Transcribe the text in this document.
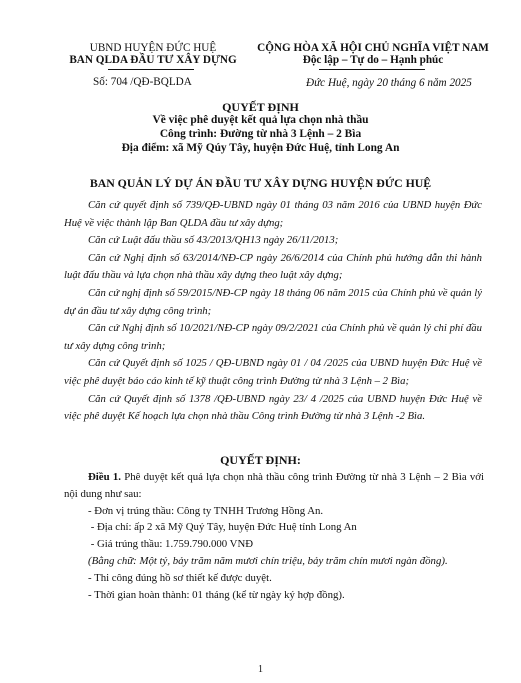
UBND HUYỆN ĐỨC HUỆ
BAN QLDA ĐẦU TƯ XÂY DỰNG
Số: 704 /QĐ-BQLDA
CỘNG HÒA XÃ HỘI CHỦ NGHĨA VIỆT NAM
Độc lập – Tự do – Hạnh phúc
Đức Huệ, ngày 20 tháng 6 năm 2025
QUYẾT ĐỊNH
Về việc phê duyệt kết quả lựa chọn nhà thầu
Công trình: Đường từ nhà 3 Lệnh – 2 Bìa
Địa điểm: xã Mỹ Qúy Tây, huyện Đức Huệ, tỉnh Long An
BAN QUẢN LÝ DỰ ÁN ĐẦU TƯ XÂY DỰNG HUYỆN ĐỨC HUỆ
Căn cứ quyết định số 739/QĐ-UBND ngày 01 tháng 03 năm 2016 của UBND huyện Đức Huệ về việc thành lập Ban QLDA đầu tư xây dựng;
Căn cứ Luật đấu thầu số 43/2013/QH13 ngày 26/11/2013;
Căn cứ Nghị định số 63/2014/NĐ-CP ngày 26/6/2014 của Chính phủ hướng dẫn thi hành luật đấu thầu và lựa chọn nhà thầu xây dựng theo luật xây dựng;
Căn cứ nghị định số 59/2015/NĐ-CP ngày 18 tháng 06 năm 2015 của Chính phủ về quản lý dự án đầu tư xây dựng công trình;
Căn cứ Nghị định số 10/2021/NĐ-CP ngày 09/2/2021 của Chính phủ về quản lý chi phí đầu tư xây dựng công trình;
Căn cứ Quyết định số 1025 / QĐ-UBND ngày 01 / 04 /2025 của UBND huyện Đức Huệ về việc phê duyệt báo cáo kinh tế kỹ thuật công trình Đường từ nhà 3 Lệnh – 2 Bìa;
Căn cứ Quyết định số 1378 /QĐ-UBND ngày 23/ 4 /2025 của UBND huyện Đức Huệ về việc phê duyệt Kế hoạch lựa chọn nhà thầu Công trình Đường từ nhà 3 Lệnh -2 Bìa.
QUYẾT ĐỊNH:
Điều 1. Phê duyệt kết quả lựa chọn nhà thầu công trình Đường từ nhà 3 Lệnh – 2 Bìa với nội dung như sau:
- Đơn vị trúng thầu: Công ty TNHH Trương Hồng An.
- Địa chỉ: ấp 2 xã Mỹ Quý Tây, huyện Đức Huệ tỉnh Long An
- Giá trúng thầu: 1.759.790.000 VNĐ
(Bằng chữ: Một tỷ, bảy trăm năm mươi chín triệu, bảy trăm chín mươi ngàn đồng).
- Thi công đúng hồ sơ thiết kế được duyệt.
- Thời gian hoàn thành: 01 tháng (kể từ ngày ký hợp đồng).
1
